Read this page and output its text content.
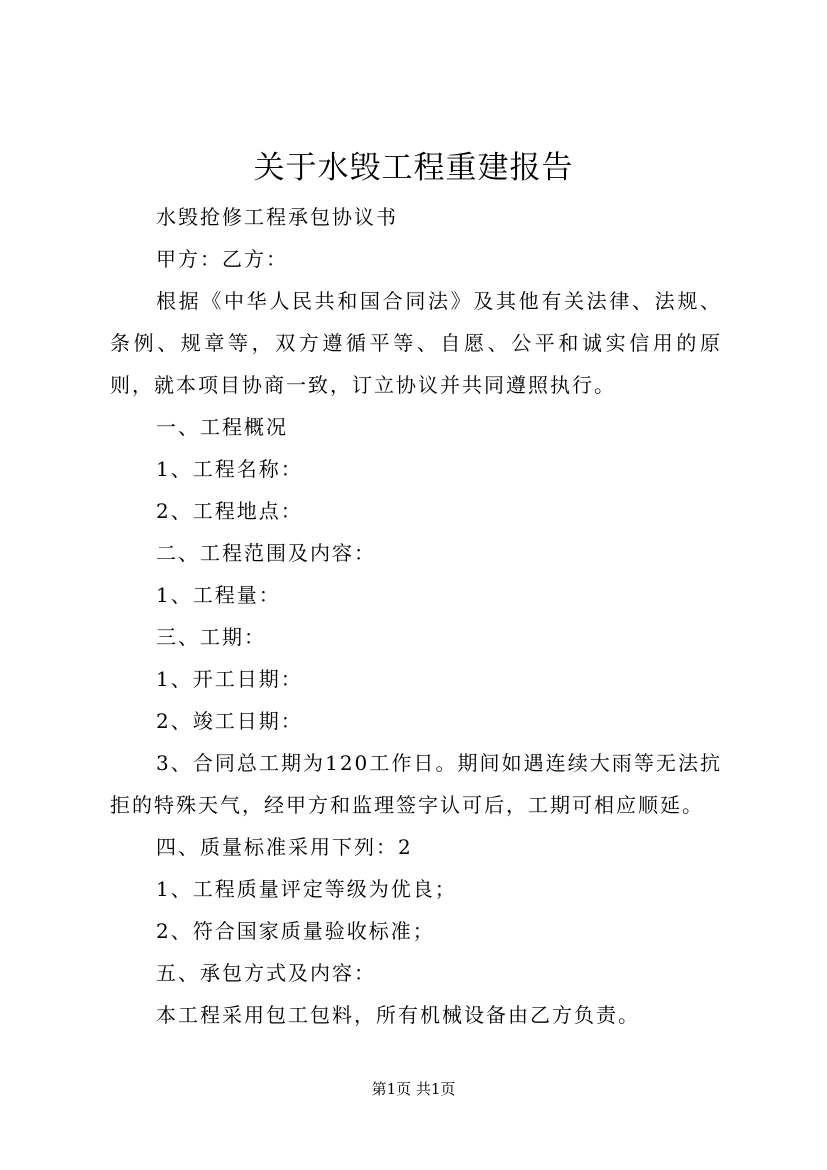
关于水毁工程重建报告

水毁抢修工程承包协议书

甲方：乙方：

根据《中华人民共和国合同法》及其他有关法律、法规、条例、规章等，双方遵循平等、自愿、公平和诚实信用的原则，就本项目协商一致，订立协议并共同遵照执行。

一、工程概况

1、工程名称：

2、工程地点：

二、工程范围及内容：

1、工程量：

三、工期：

1、开工日期：

2、竣工日期：

3、合同总工期为120工作日。期间如遇连续大雨等无法抗拒的特殊天气，经甲方和监理签字认可后，工期可相应顺延。

四、质量标准采用下列：2

1、工程质量评定等级为优良；

2、符合国家质量验收标准；

五、承包方式及内容：

本工程采用包工包料，所有机械设备由乙方负责。

第1页 共1页
